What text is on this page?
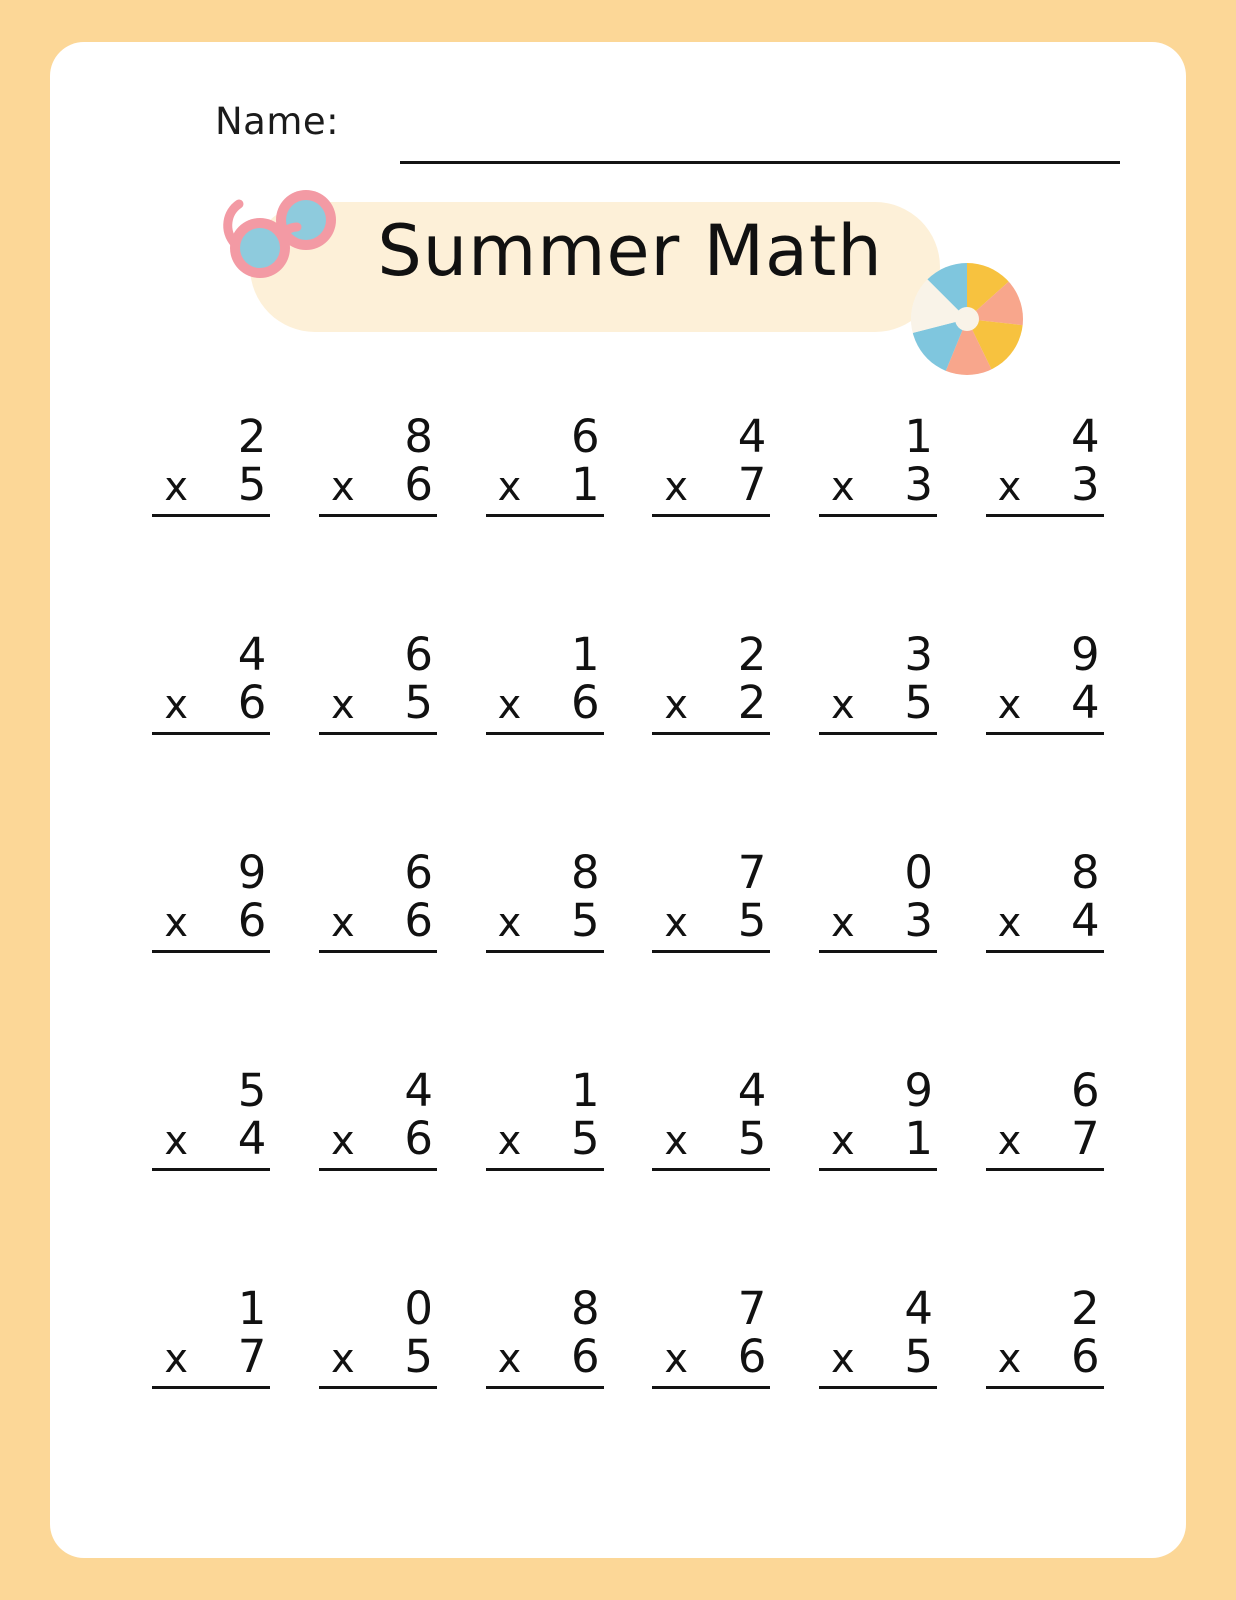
Name:
Summer Math
2
x 5
8
x 6
6
x 1
4
x 7
1
x 3
4
x 3
4
x 6
6
x 5
1
x 6
2
x 2
3
x 5
9
x 4
9
x 6
6
x 6
8
x 5
7
x 5
0
x 3
8
x 4
5
x 4
4
x 6
1
x 5
4
x 5
9
x 1
6
x 7
1
x 7
0
x 5
8
x 6
7
x 6
4
x 5
2
x 6
